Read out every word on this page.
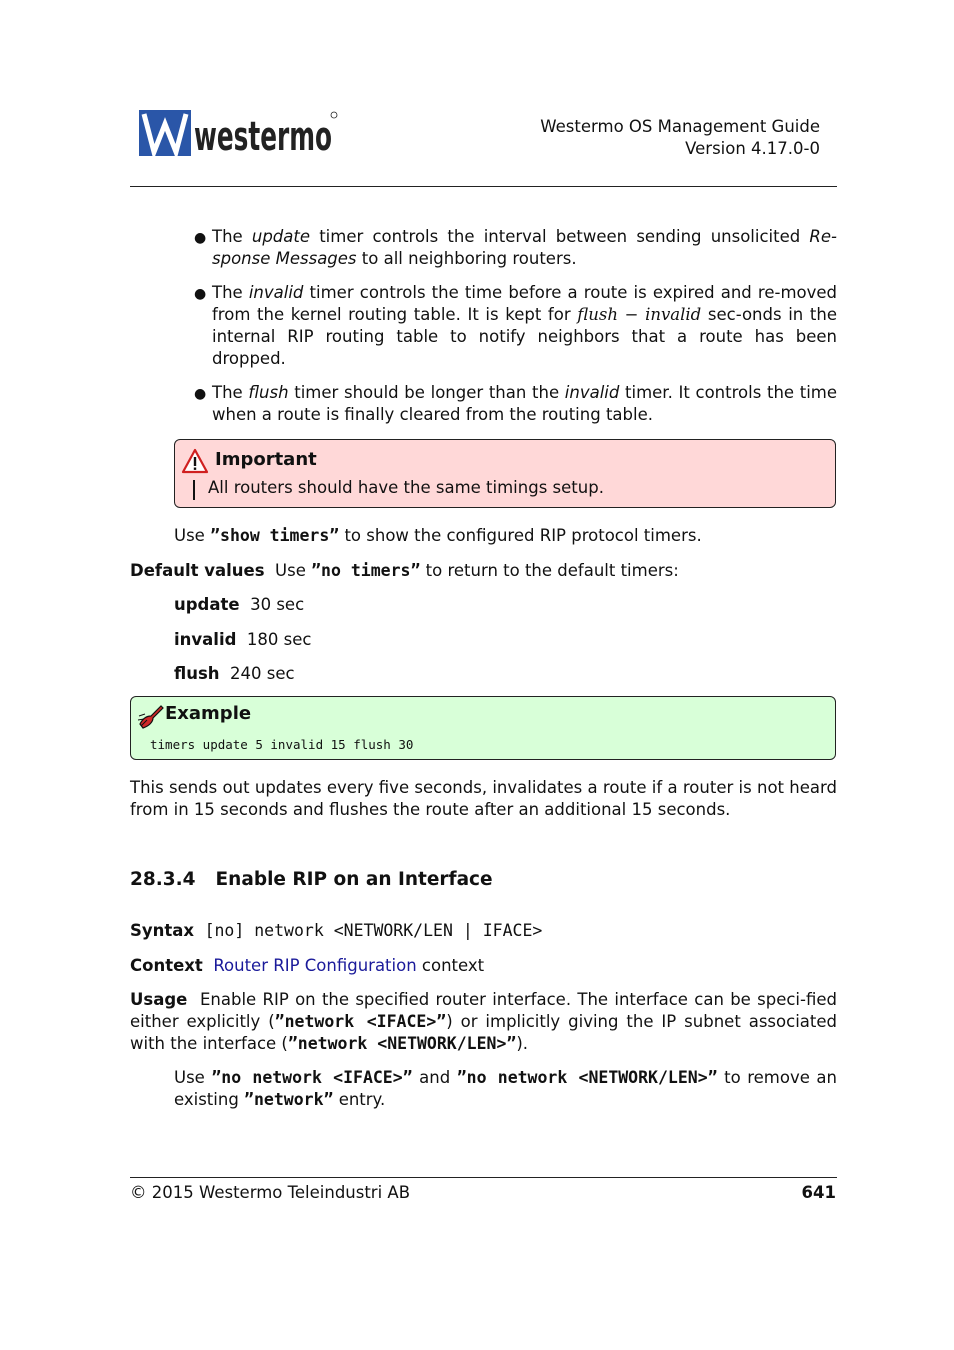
westermo	Westermo OS Management Guide
Version 4.17.0-0
● The update timer controls the interval between sending unsolicited Re-sponse Messages to all neighboring routers.
● The invalid timer controls the time before a route is expired and re-moved from the kernel routing table. It is kept for flush − invalid sec-onds in the internal RIP routing table to notify neighbors that a route has been dropped.
● The flush timer should be longer than the invalid timer. It controls the time when a route is finally cleared from the routing table.
Important
All routers should have the same timings setup.
Use ”show timers” to show the configured RIP protocol timers.
Default values Use ”no timers” to return to the default timers:
update 30 sec
invalid 180 sec
flush 240 sec
Example
timers update 5 invalid 15 flush 30
This sends out updates every five seconds, invalidates a route if a router is not heard from in 15 seconds and flushes the route after an additional 15 seconds.
28.3.4 Enable RIP on an Interface
Syntax [no] network <NETWORK/LEN | IFACE>
Context Router RIP Configuration context
Usage Enable RIP on the specified router interface. The interface can be speci-fied either explicitly (”network <IFACE>”) or implicitly giving the IP subnet associated with the interface (”network <NETWORK/LEN>”).
Use ”no network <IFACE>” and ”no network <NETWORK/LEN>” to remove an existing ”network” entry.
© 2015 Westermo Teleindustri AB	641
